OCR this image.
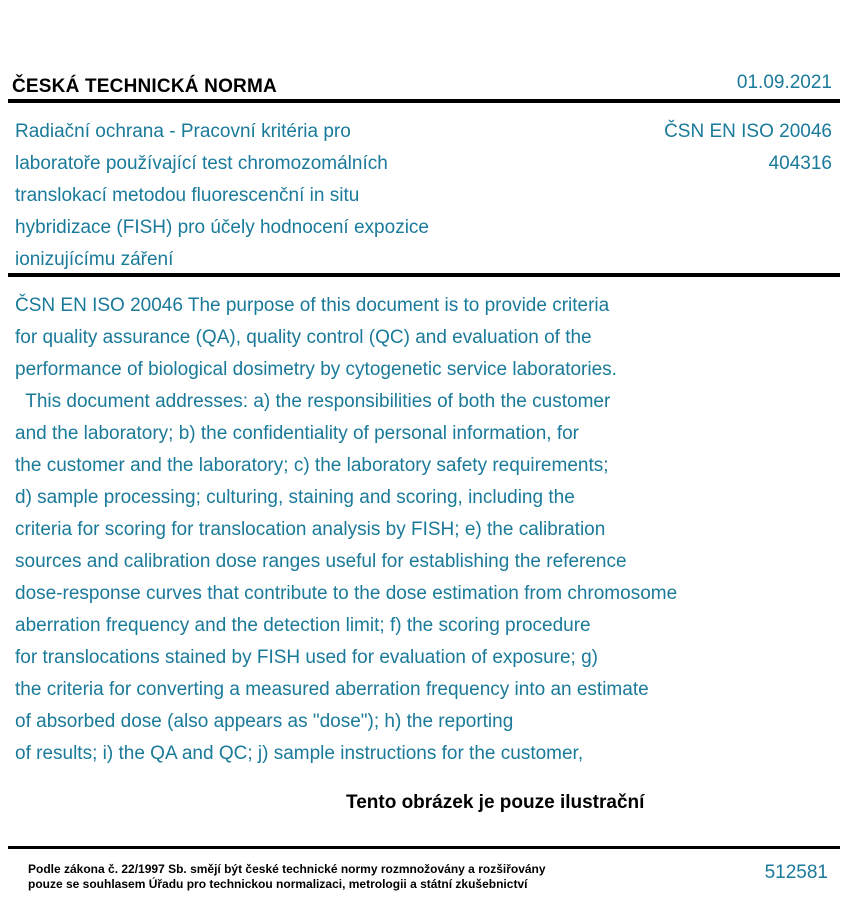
ČESKÁ TECHNICKÁ NORMA	01.09.2021
Radiační ochrana - Pracovní kritéria pro
laboratoře používající test chromozomálních
translokací metodou fluorescenční in situ
hybridizace (FISH) pro účely hodnocení expozice
ionizujícímu záření
ČSN EN ISO 20046
404316
ČSN EN ISO 20046 The purpose of this document is to provide criteria
for quality assurance (QA), quality control (QC) and evaluation of the
performance of biological dosimetry by cytogenetic service laboratories.
This document addresses: a) the responsibilities of both the customer
and the laboratory; b) the confidentiality of personal information, for
the customer and the laboratory; c) the laboratory safety requirements;
d) sample processing; culturing, staining and scoring, including the
criteria for scoring for translocation analysis by FISH; e) the calibration
sources and calibration dose ranges useful for establishing the reference
dose-response curves that contribute to the dose estimation from chromosome
aberration frequency and the detection limit; f) the scoring procedure
for translocations stained by FISH used for evaluation of exposure; g)
the criteria for converting a measured aberration frequency into an estimate
of absorbed dose (also appears as "dose"); h) the reporting
of results; i) the QA and QC; j) sample instructions for the customer,
Tento obrázek je pouze ilustrační
Podle zákona č. 22/1997 Sb. smějí být české technické normy rozmnožovány a rozšiřovány
pouze se souhlasem Úřadu pro technickou normalizaci, metrologii a státní zkušebnictví
512581
